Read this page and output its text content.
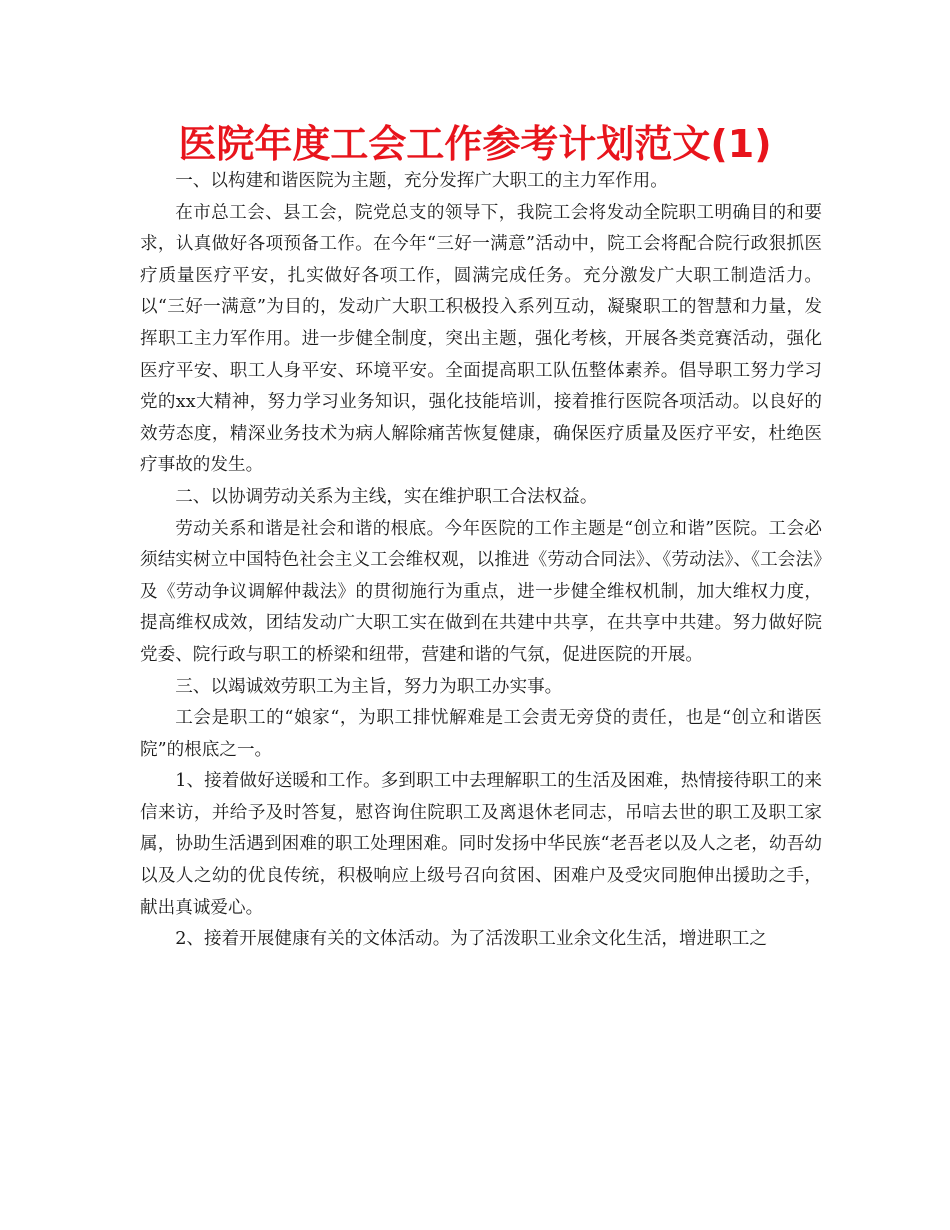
医院年度工会工作参考计划范文(1)

一、以构建和谐医院为主题，充分发挥广大职工的主力军作用。

在市总工会、县工会，院党总支的领导下，我院工会将发动全院职工明确目的和要求，认真做好各项预备工作。在今年“三好一满意”活动中，院工会将配合院行政狠抓医疗质量医疗平安，扎实做好各项工作，圆满完成任务。充分激发广大职工制造活力。以“三好一满意”为目的，发动广大职工积极投入系列互动，凝聚职工的智慧和力量，发挥职工主力军作用。进一步健全制度，突出主题，强化考核，开展各类竞赛活动，强化医疗平安、职工人身平安、环境平安。全面提高职工队伍整体素养。倡导职工努力学习党的xx大精神，努力学习业务知识，强化技能培训，接着推行医院各项活动。以良好的效劳态度，精深业务技术为病人解除痛苦恢复健康，确保医疗质量及医疗平安，杜绝医疗事故的发生。

二、以协调劳动关系为主线，实在维护职工合法权益。

劳动关系和谐是社会和谐的根底。今年医院的工作主题是“创立和谐”医院。工会必须结实树立中国特色社会主义工会维权观，以推进《劳动合同法》、《劳动法》、《工会法》及《劳动争议调解仲裁法》的贯彻施行为重点，进一步健全维权机制，加大维权力度，提高维权成效，团结发动广大职工实在做到在共建中共享，在共享中共建。努力做好院党委、院行政与职工的桥梁和纽带，营建和谐的气氛，促进医院的开展。

三、以竭诚效劳职工为主旨，努力为职工办实事。

工会是职工的“娘家“，为职工排忧解难是工会责无旁贷的责任，也是“创立和谐医院”的根底之一。

1、接着做好送暖和工作。多到职工中去理解职工的生活及困难，热情接待职工的来信来访，并给予及时答复，慰咨询住院职工及离退休老同志，吊唁去世的职工及职工家属，协助生活遇到困难的职工处理困难。同时发扬中华民族“老吾老以及人之老，幼吾幼以及人之幼的优良传统，积极响应上级号召向贫困、困难户及受灾同胞伸出援助之手，献出真诚爱心。

2、接着开展健康有关的文体活动。为了活泼职工业余文化生活，增进职工之
